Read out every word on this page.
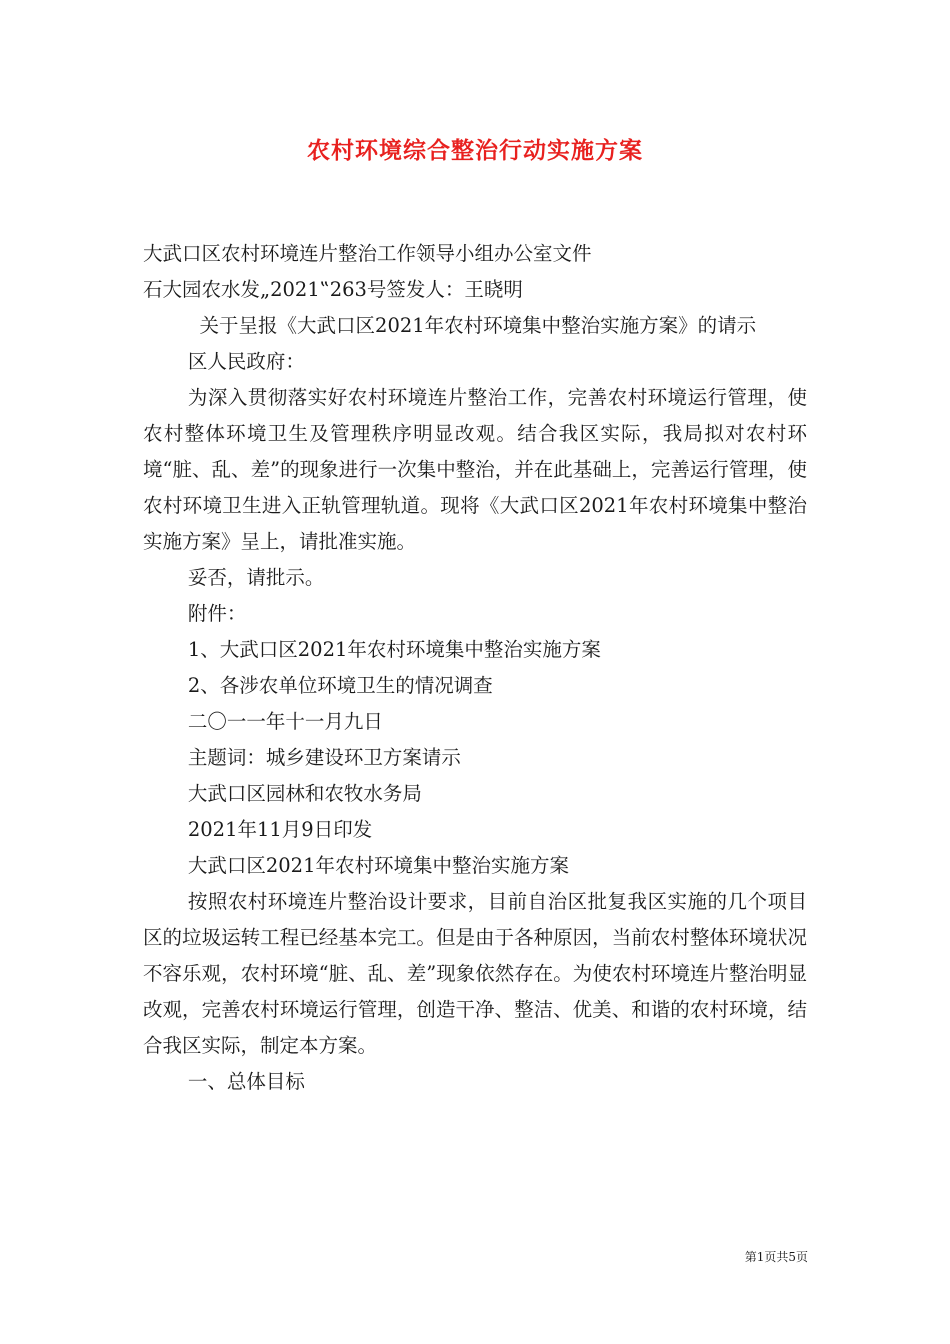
农村环境综合整治行动实施方案

大武口区农村环境连片整治工作领导小组办公室文件

石大园农水发„2021‟263号签发人：王晓明

关于呈报《大武口区2021年农村环境集中整治实施方案》的请示

区人民政府：

为深入贯彻落实好农村环境连片整治工作，完善农村环境运行管理，使农村整体环境卫生及管理秩序明显改观。结合我区实际，我局拟对农村环境“脏、乱、差”的现象进行一次集中整治，并在此基础上，完善运行管理，使农村环境卫生进入正轨管理轨道。现将《大武口区2021年农村环境集中整治实施方案》呈上，请批准实施。

妥否，请批示。

附件：

1、大武口区2021年农村环境集中整治实施方案

2、各涉农单位环境卫生的情况调查

二〇一一年十一月九日

主题词：城乡建设环卫方案请示

大武口区园林和农牧水务局

2021年11月9日印发

大武口区2021年农村环境集中整治实施方案

按照农村环境连片整治设计要求，目前自治区批复我区实施的几个项目区的垃圾运转工程已经基本完工。但是由于各种原因，当前农村整体环境状况不容乐观，农村环境“脏、乱、差”现象依然存在。为使农村环境连片整治明显改观，完善农村环境运行管理，创造干净、整洁、优美、和谐的农村环境，结合我区实际，制定本方案。

一、总体目标

第1页共5页
